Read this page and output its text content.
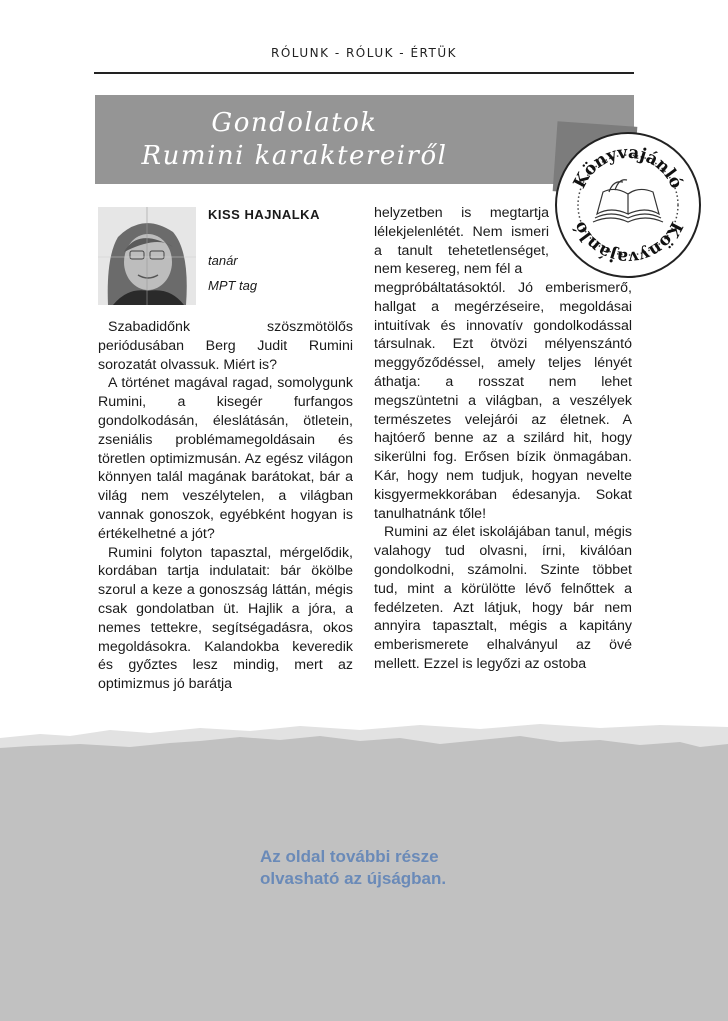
RÓLUNK - RÓLUK - ÉRTÜK
Gondolatok
Rumini karaktereiről
Könyvajánló
Könyvajánló
KISS HAJNALKA
tanár
MPT tag

Szabadidőnk szöszmötölős periódusában Berg Judit Rumini sorozatát olvassuk. Miért is?

A történet magával ragad, somolygunk Rumini, a kisegér furfangos gondolkodásán, éleslátásán, ötletein, zseniális problémamegoldásain és töretlen optimizmusán. Az egész világon könnyen talál magának barátokat, bár a világ nem veszélytelen, a világban vannak gonoszok, egyébként hogyan is értékelhetné a jót?

Rumini folyton tapasztal, mérgelődik, kordában tartja indulatait: bár ökölbe szorul a keze a gonoszság láttán, mégis csak gondolatban üt. Hajlik a jóra, a nemes tettekre, segítségadásra, okos megoldásokra. Kalandokba keveredik és győztes lesz mindig, mert az optimizmus jó barátja

helyzetben is megtartja lélekjelenlétét. Nem ismeri a tanult tehetetlenséget, nem kesereg, nem fél a

megpróbáltatásoktól. Jó emberismerő, hallgat a megérzéseire, megoldásai intuitívak és innovatív gondolkodással társulnak. Ezt ötvözi mélyenszántó meggyőződéssel, amely teljes lényét áthatja: a rosszat nem lehet megszüntetni a világban, a veszélyek természetes velejárói az életnek. A hajtóerő benne az a szilárd hit, hogy sikerülni fog. Erősen bízik önmagában. Kár, hogy nem tudjuk, hogyan nevelte kisgyermekkorában édesanyja. Sokat tanulhatnánk tőle!

Rumini az élet iskolájában tanul, mégis valahogy tud olvasni, írni, kiválóan gondolkodni, számolni. Szinte többet tud, mint a körülötte lévő felnőttek a fedélzeten. Azt látjuk, hogy bár nem annyira tapasztalt, mégis a kapitány emberismerete elhalványul az övé mellett. Ezzel is legyőzi az ostoba

Az oldal további része
olvasható az újságban.
